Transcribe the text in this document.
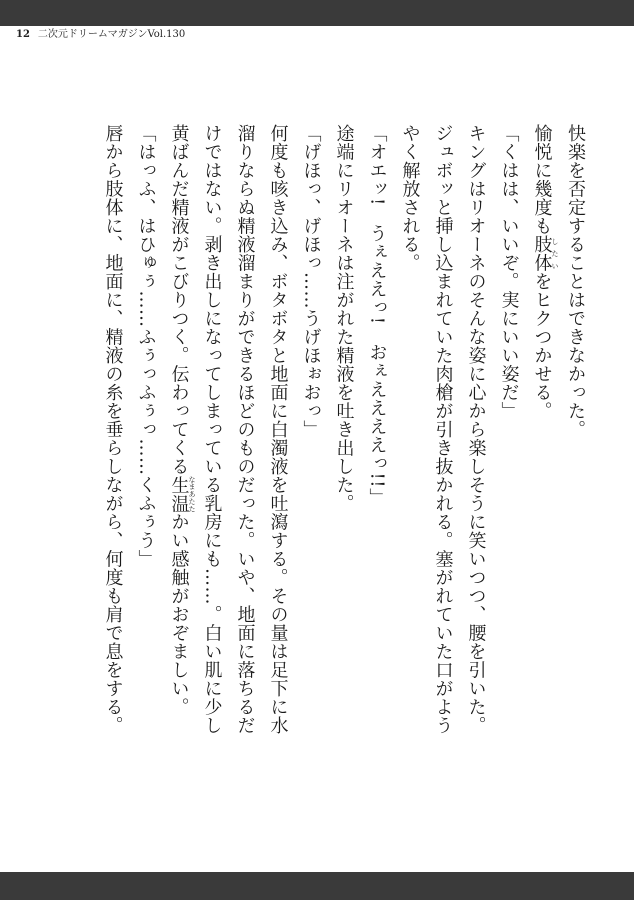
12 二次元ドリームマガジンVol.130

快楽を否定することはできなかった。

愉悦に幾度も肢体したいをヒクつかせる。

「くはは、いいぞ。実にいい姿だ」

キングはリオーネのそんな姿に心から楽しそうに笑いつつ、腰を引いた。ジュボッと挿し込まれていた肉槍が引き抜かれる。塞がれていた口がようやく解放される。

「オエッ!　うぇええっ!　おぇええええっ!!」

途端にリオーネは注がれた精液を吐き出した。

「げほっ、げほっ……うげほぉおっ」

何度も咳き込み、ボタボタと地面に白濁液を吐瀉する。その量は足下に水溜りならぬ精液溜まりができるほどのものだった。いや、地面に落ちるだけではない。剥き出しになってしまっている乳房にも……。白い肌に少し黄ばんだ精液がこびりつく。伝わってくる生温なまあたたかい感触がおぞましい。

「はっふ、はひゅぅ……ふぅっふぅっ……くふぅう」

唇から肢体に、地面に、精液の糸を垂らしながら、何度も肩で息をする。
